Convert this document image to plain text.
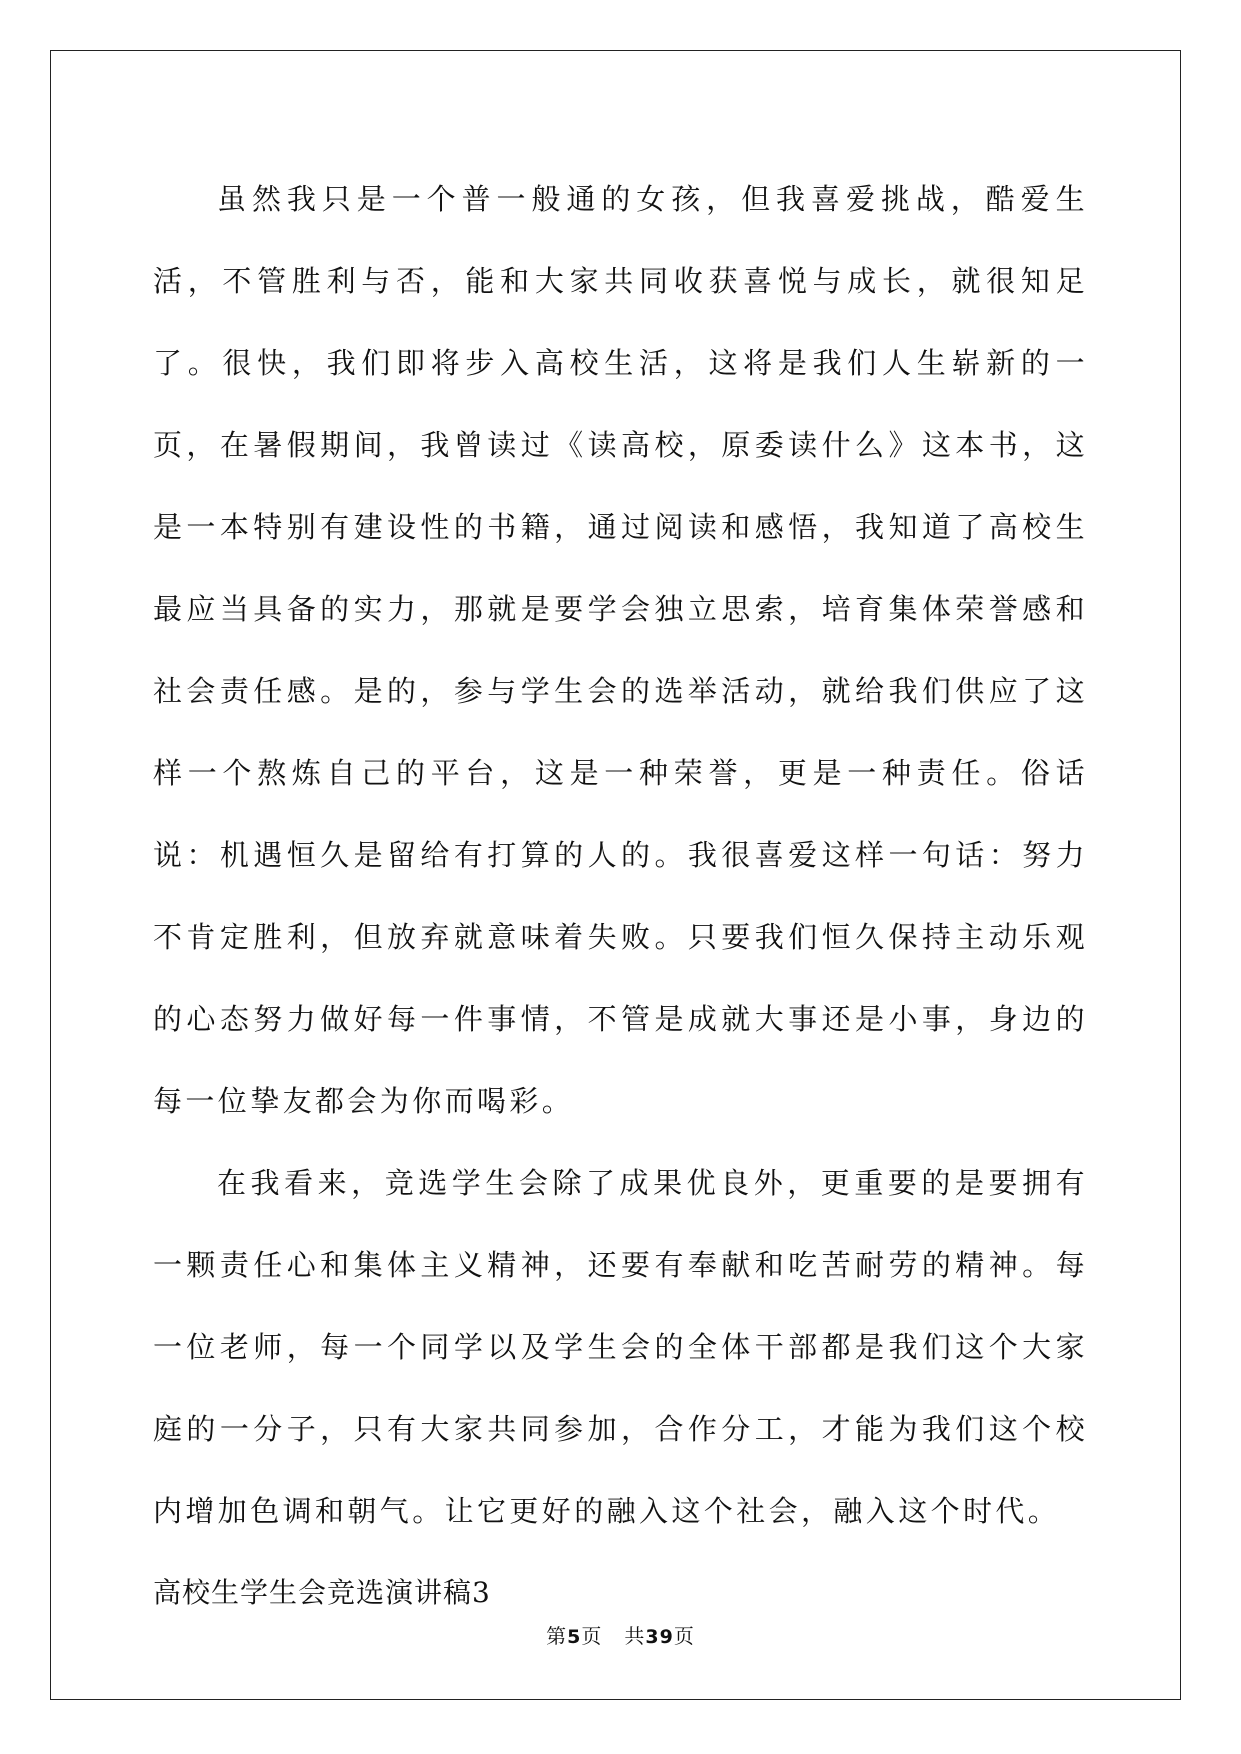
虽然我只是一个普一般通的女孩，但我喜爱挑战，酷爱生活，不管胜利与否，能和大家共同收获喜悦与成长，就很知足了。很快，我们即将步入高校生活，这将是我们人生崭新的一页，在暑假期间，我曾读过《读高校，原委读什么》这本书，这是一本特别有建设性的书籍，通过阅读和感悟，我知道了高校生最应当具备的实力，那就是要学会独立思索，培育集体荣誉感和社会责任感。是的，参与学生会的选举活动，就给我们供应了这样一个熬炼自己的平台，这是一种荣誉，更是一种责任。俗话说：机遇恒久是留给有打算的人的。我很喜爱这样一句话：努力不肯定胜利，但放弃就意味着失败。只要我们恒久保持主动乐观的心态努力做好每一件事情，不管是成就大事还是小事，身边的每一位挚友都会为你而喝彩。

在我看来，竞选学生会除了成果优良外，更重要的是要拥有一颗责任心和集体主义精神，还要有奉献和吃苦耐劳的精神。每一位老师，每一个同学以及学生会的全体干部都是我们这个大家庭的一分子，只有大家共同参加，合作分工，才能为我们这个校内增加色调和朝气。让它更好的融入这个社会，融入这个时代。

高校生学生会竞选演讲稿3

第5页 共39页
